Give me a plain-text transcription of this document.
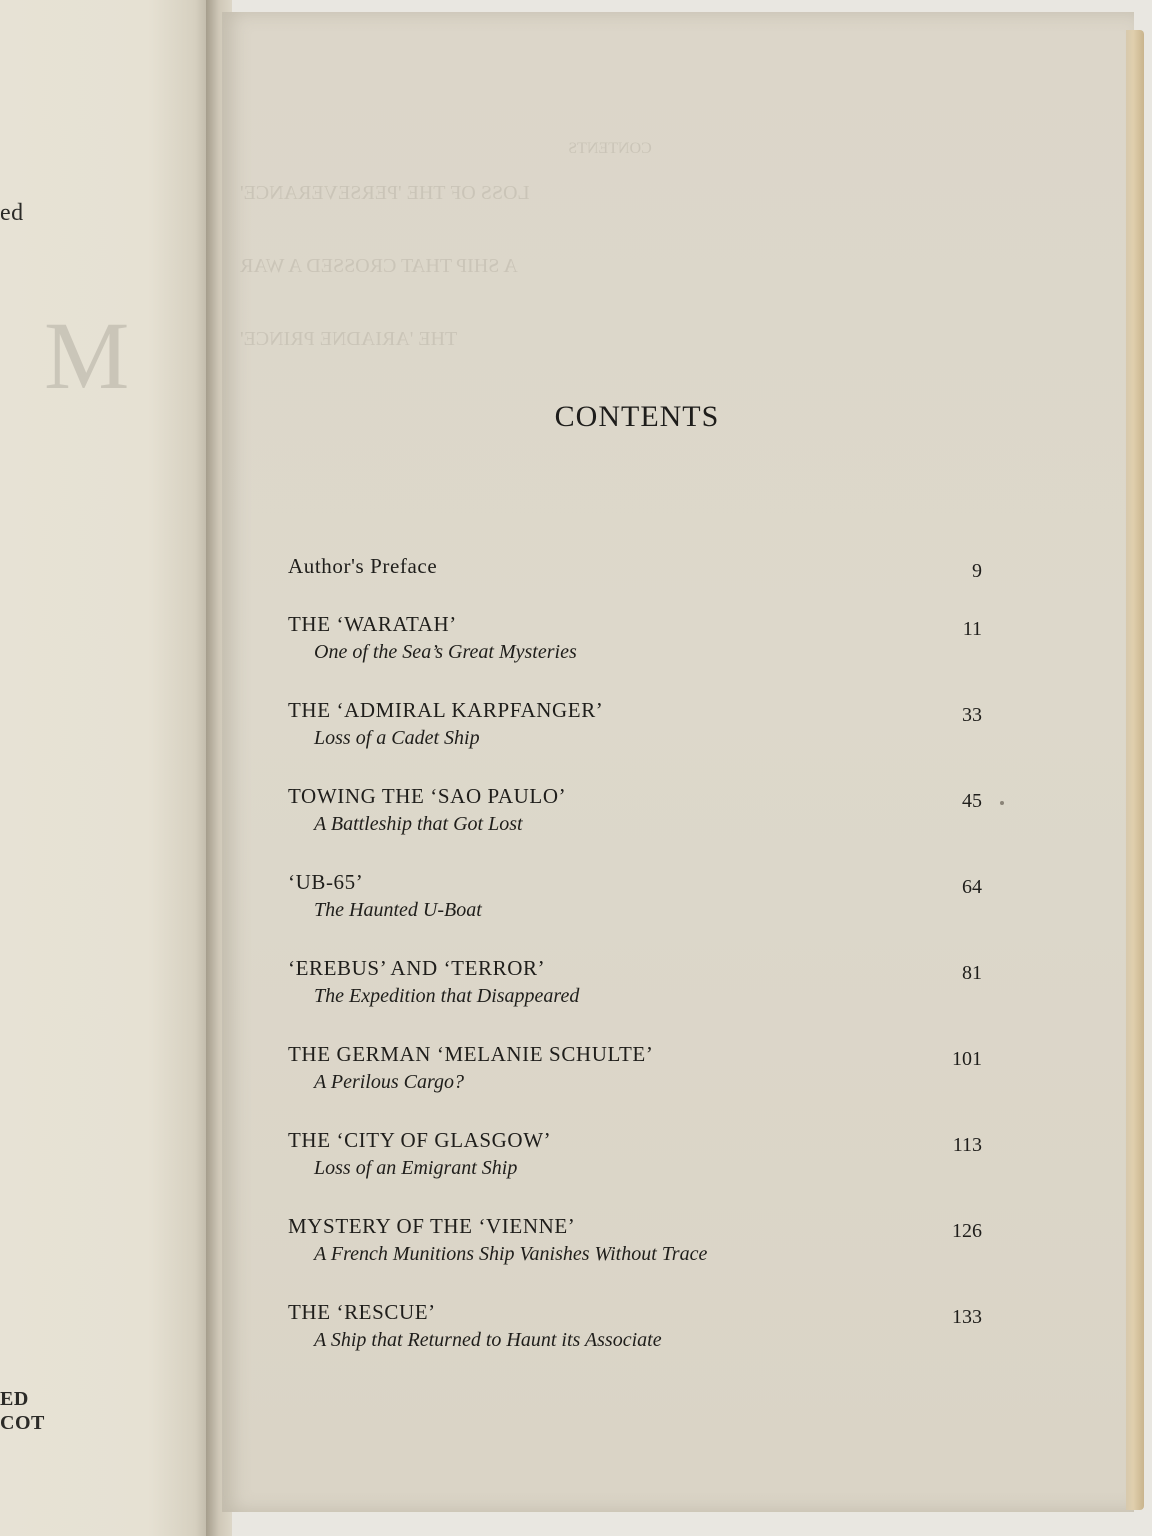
ed
M
ED
COT
CONTENTS
LOSS OF THE 'PERSEVERANCE'
A SHIP THAT CROSSED A WAR
THE 'ARIADNE PRINCE'
CONTENTS
Author's Preface	9
THE ‘WARATAH’
One of the Sea’s Great Mysteries
11
THE ‘ADMIRAL KARPFANGER’
Loss of a Cadet Ship
33
TOWING THE ‘SAO PAULO’
A Battleship that Got Lost
45
‘UB-65’
The Haunted U-Boat
64
‘EREBUS’ AND ‘TERROR’
The Expedition that Disappeared
81
THE GERMAN ‘MELANIE SCHULTE’
A Perilous Cargo?
101
THE ‘CITY OF GLASGOW’
Loss of an Emigrant Ship
113
MYSTERY OF THE ‘VIENNE’
A French Munitions Ship Vanishes Without Trace
126
THE ‘RESCUE’
A Ship that Returned to Haunt its Associate
133
